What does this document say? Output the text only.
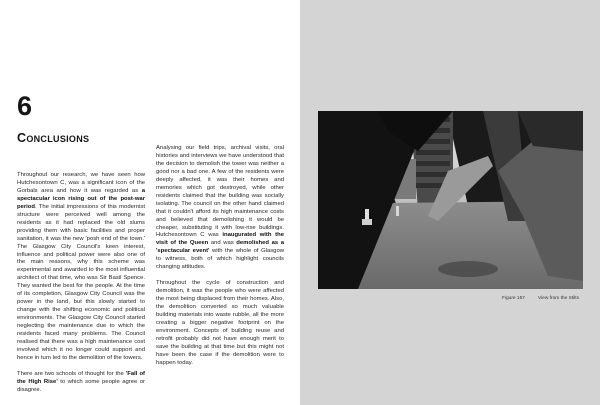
6
Conclusions

Throughout our research, we have seen how Hutchesontown C, was a significant icon of the Gorbals area and how it was regarded as a spectacular icon rising out of the post-war period. The initial impressions of this modernist structure were perceived well among the residents as it had replaced the old slums providing them with basic facilities and proper sanitation, it was the new 'posh end of the town.' The Glasgow City Council's keen interest, influence and political power were also one of the main reasons, why this scheme was experimental and awarded to the most influential architect of that time, who was Sir Basil Spence. They wanted the best for the people. At the time of its completion, Glasgow City Council was the power in the land, but this slowly started to change with the shifting economic and political environments. The Glasgow City Council started neglecting the maintenance due to which the residents faced many problems. The Council realised that there was a high maintenance cost involved which it no longer could support and hence in turn led to the demolition of the towers.

There are two schools of thought for the 'Fall of the High Rise' to which some people agree or disagree.

Analysing our field trips, archival visits, oral histories and interviews we have understood that the decision to demolish the tower was neither a good nor a bad one. A few of the residents were deeply affected, it was their homes and memories which got destroyed, while other residents claimed that the building was socially isolating. The council on the other hand claimed that it couldn't afford its high maintenance costs and believed that demolishing it would be cheaper, substituting it with low-rise buildings. Hutchesontown C was inaugurated with the visit of the Queen and was demolished as a 'spectacular event' with the whole of Glasgow to witness, both of which highlight councils changing attitudes.

Throughout the cycle of construction and demolition, it was the people who were affected the most being displaced from their homes. Also, the demolition converted so much valuable building materials into waste rubble, all the more creating a bigger negative footprint on the environment. Concepts of building reuse and retrofit probably did not have enough merit to save the building at that time but this might not have been the case if the demolition were to happen today.

Figure 157	View from the Stilts
